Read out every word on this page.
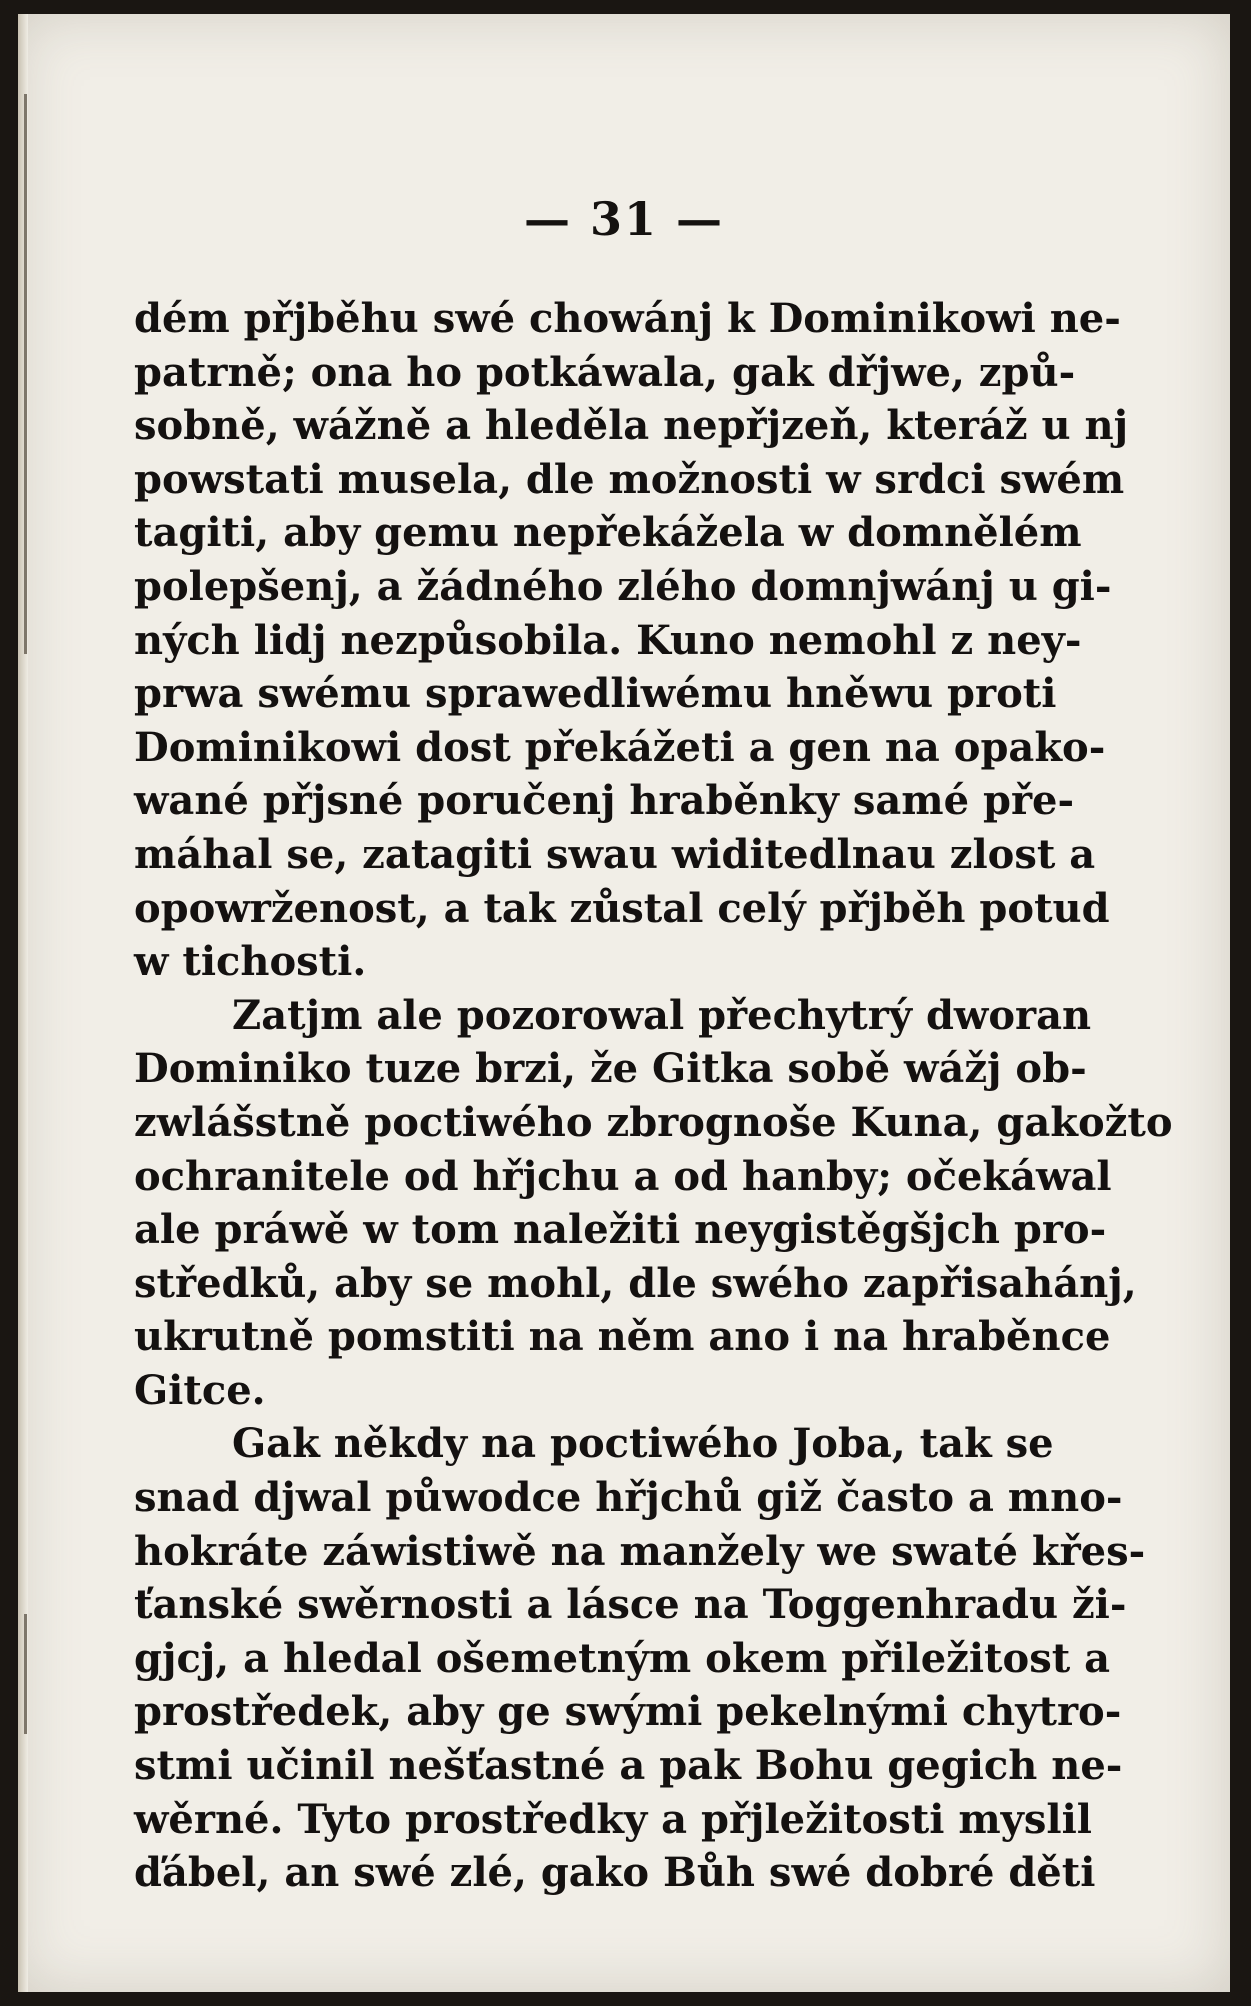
— 31 —
dém přjběhu swé chowánj k Dominikowi ne-
patrně; ona ho potkáwala, gak dřjwe, způ-
sobně, wážně a hleděla nepřjzeň, kteráž u nj
powstati musela, dle možnosti w srdci swém
tagiti, aby gemu nepřekážela w domnělém
polepšenj, a žádného zlého domnjwánj u gi-
ných lidj nezpůsobila. Kuno nemohl z ney-
prwa swému sprawedliwému hněwu proti
Dominikowi dost překážeti a gen na opako-
wané přjsné poručenj hraběnky samé pře-
máhal se, zatagiti swau widitedlnau zlost a
opowrženost, a tak zůstal celý přjběh potud
w tichosti.
Zatjm ale pozorowal přechytrý dworan
Dominiko tuze brzi, že Gitka sobě wážj ob-
zwlášstně poctiwého zbrognoše Kuna, gakožto
ochranitele od hřjchu a od hanby; očekáwal
ale práwě w tom naležiti neygistěgšjch pro-
středků, aby se mohl, dle swého zapřisahánj,
ukrutně pomstiti na něm ano i na hraběnce
Gitce.
Gak někdy na poctiwého Joba, tak se
snad djwal půwodce hřjchů giž často a mno-
hokráte záwistiwě na manžely we swaté křes-
ťanské swěrnosti a lásce na Toggenhradu ži-
gjcj, a hledal ošemetným okem přiležitost a
prostředek, aby ge swými pekelnými chytro-
stmi učinil nešťastné a pak Bohu gegich ne-
wěrné. Tyto prostředky a přjležitosti myslil
ďábel, an swé zlé, gako Bůh swé dobré děti
